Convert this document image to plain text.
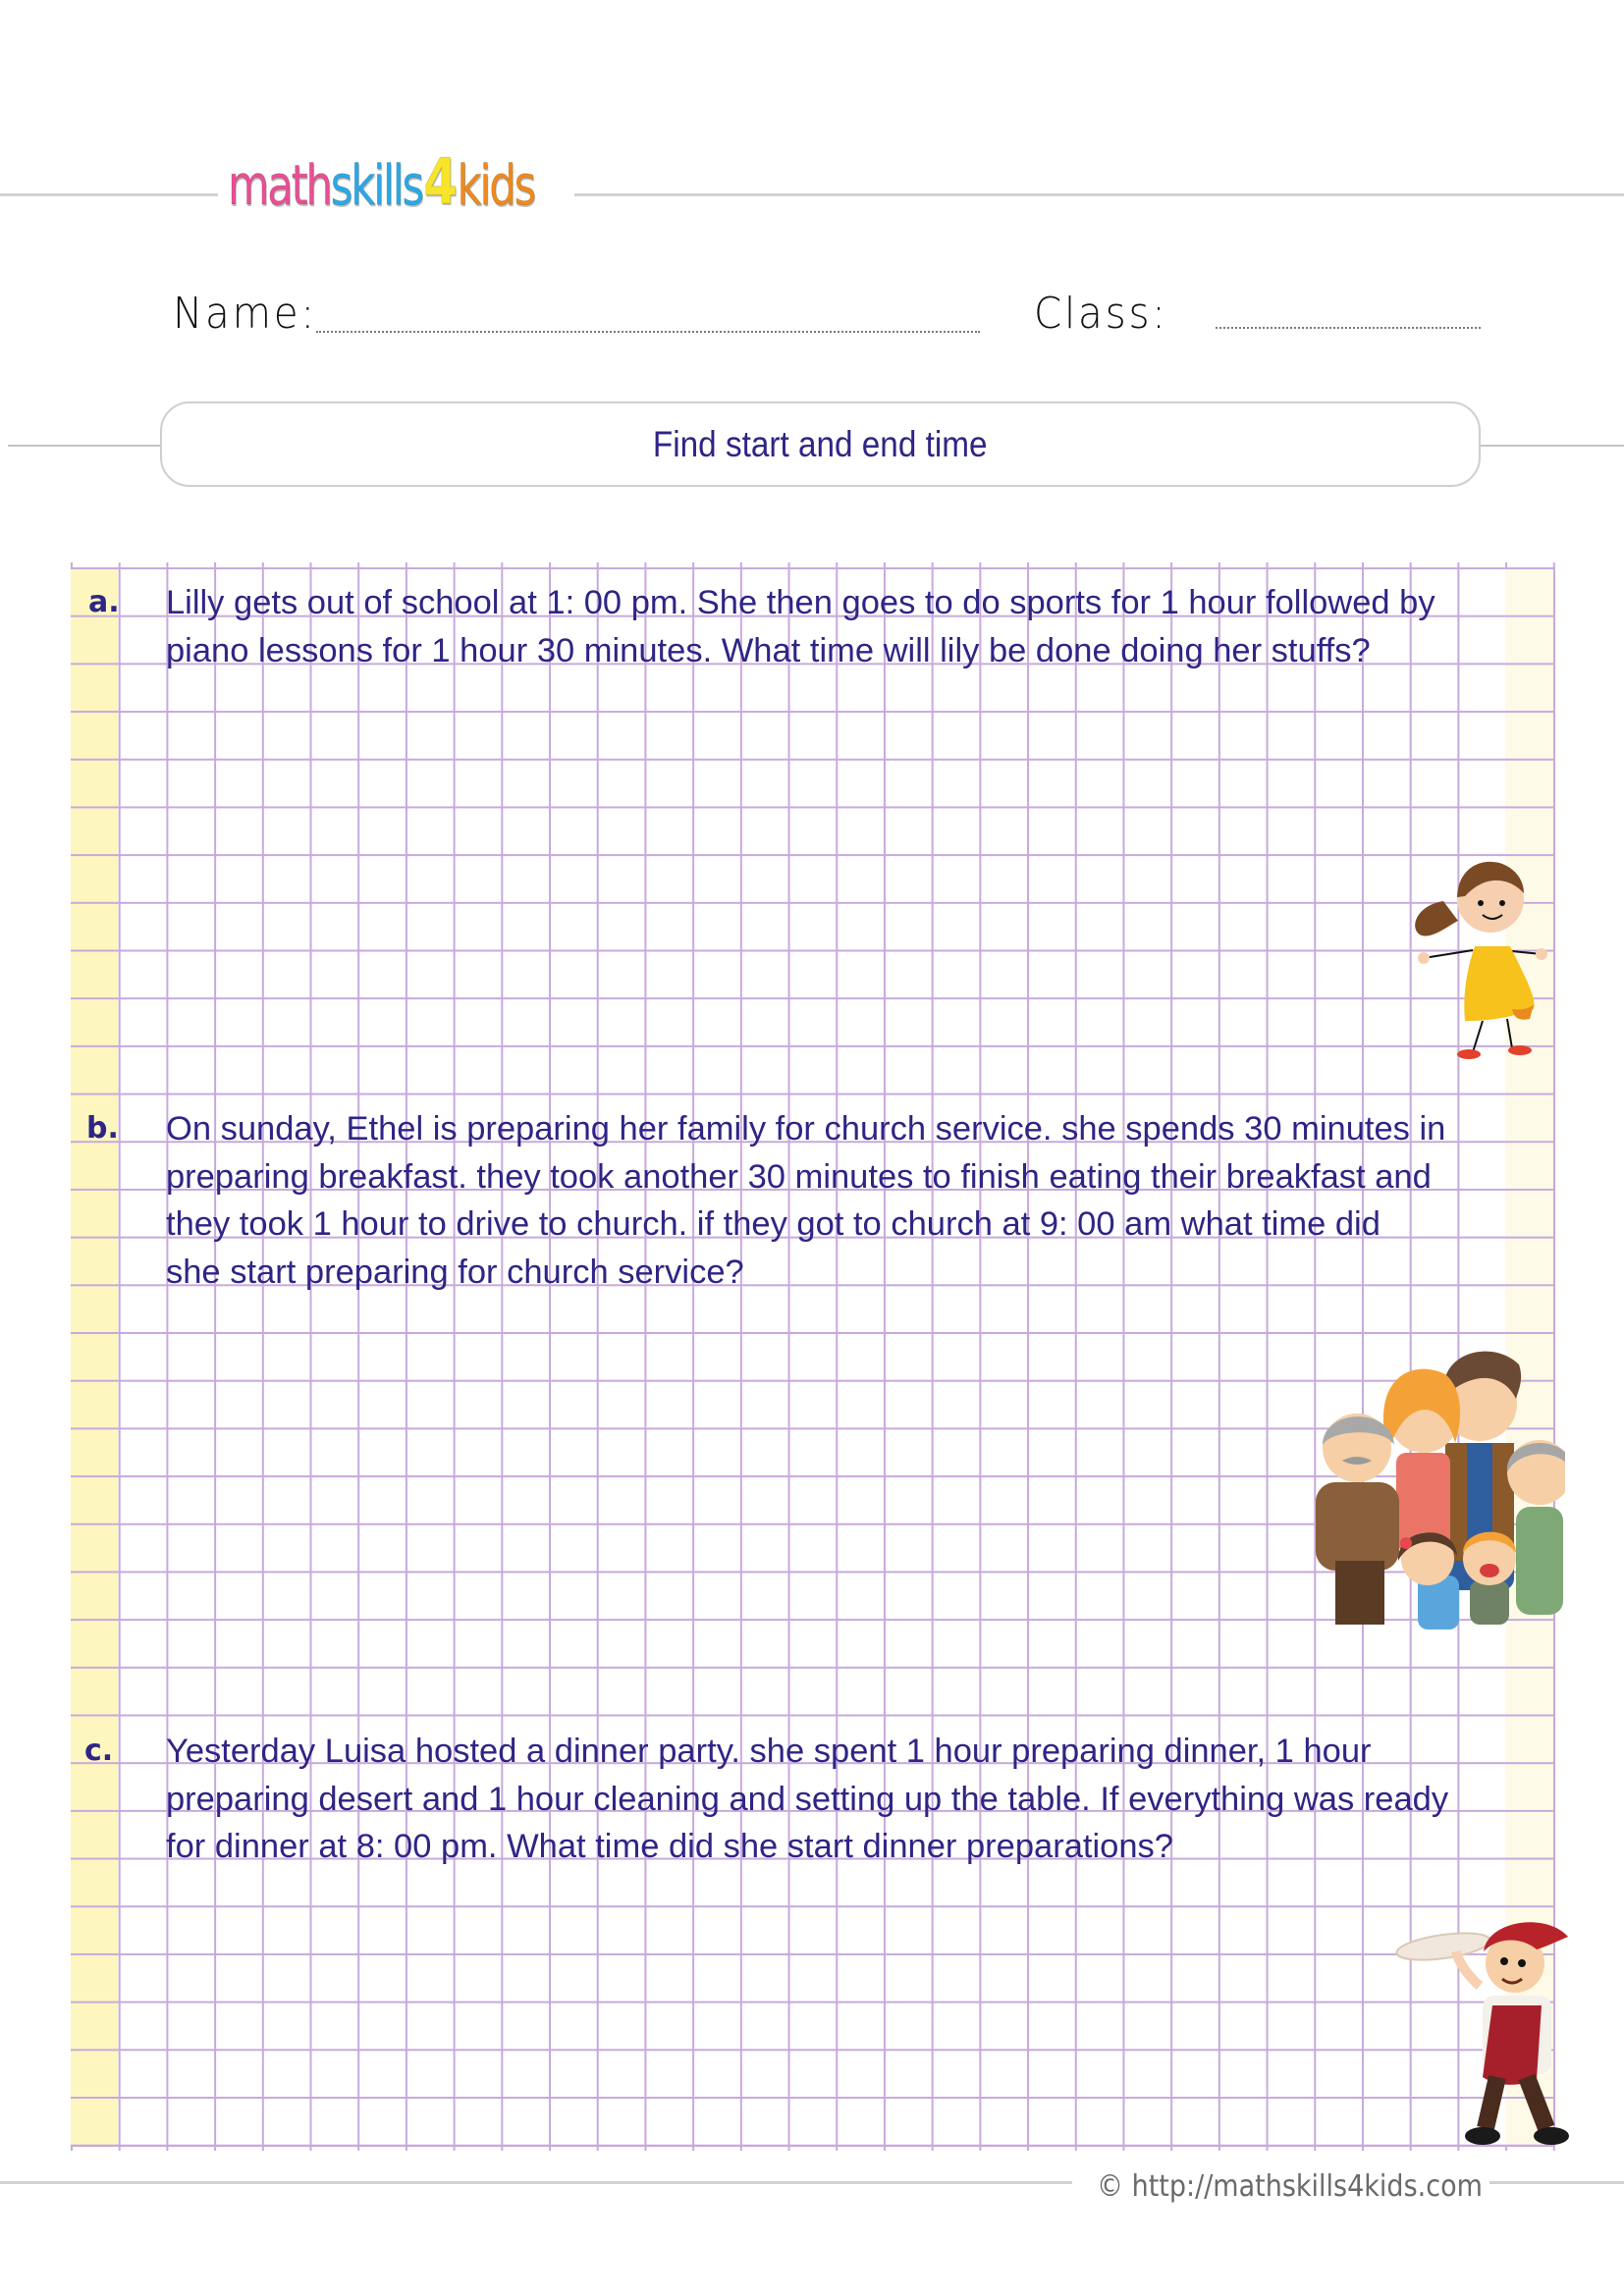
math skills 4 kids
Name:	Class:
Find start and end time
a. Lilly gets out of school at 1: 00 pm. She then goes to do sports for 1 hour followed by
piano lessons for 1 hour 30 minutes. What time will lily be done doing her stuffs?
b. On sunday, Ethel is preparing her family for church service. she spends 30 minutes in
preparing breakfast. they took another 30 minutes to finish eating their breakfast and
they took 1 hour to drive to church. if they got to church at 9: 00 am what time did
she start preparing for church service?
c. Yesterday Luisa hosted a dinner party. she spent 1 hour preparing dinner, 1 hour
preparing desert and 1 hour cleaning and setting up the table. If everything was ready
for dinner at 8: 00 pm. What time did she start dinner preparations?
© http://mathskills4kids.com
